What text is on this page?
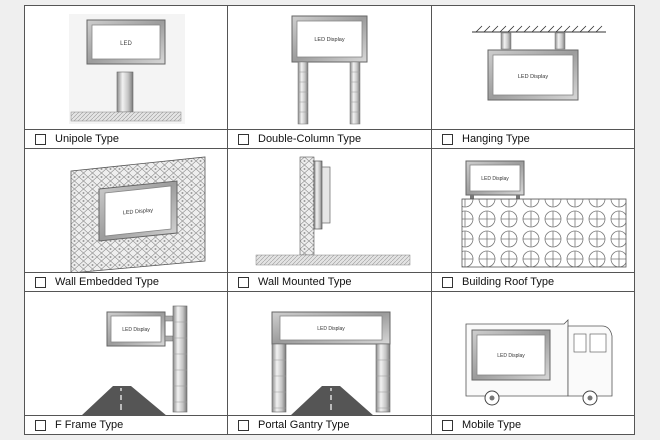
LED
Unipole Type
LED Display
Double-Column Type
LED Display
Hanging Type
LED Display
Wall Embedded Type	Wall Mounted Type
LED Display
Building Roof Type
LED Display
F Frame Type
LED Display
Portal Gantry Type
LED Display
Mobile Type
